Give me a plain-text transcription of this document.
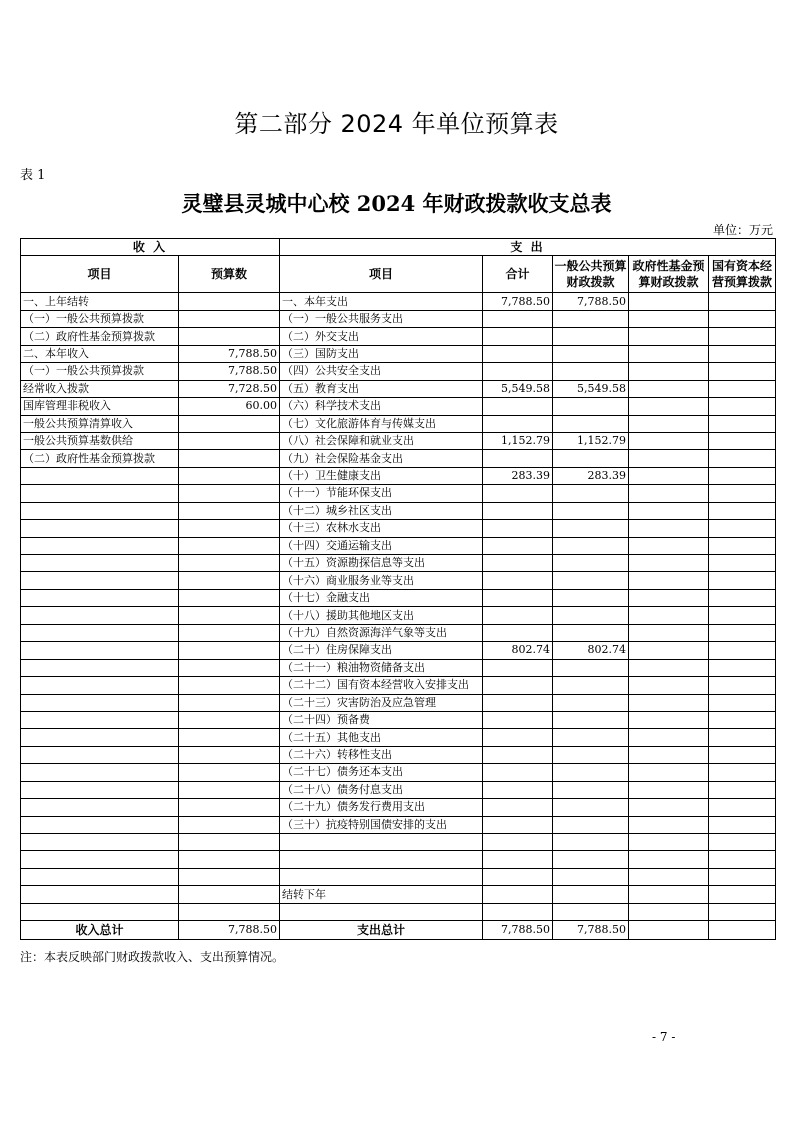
第二部分 2024 年单位预算表
表 1
灵璧县灵城中心校 2024 年财政拨款收支总表
单位：万元
收 入		支 出				
项目	预算数	项目	合计	一般公共预算财政拨款	政府性基金预算财政拨款	国有资本经营预算拨款
一、上年结转		一、本年支出	7,788.50	7,788.50		
（一）一般公共预算拨款		（一）一般公共服务支出				
（二）政府性基金预算拨款		（二）外交支出				
二、本年收入	7,788.50	（三）国防支出				
（一）一般公共预算拨款	7,788.50	（四）公共安全支出				
经常收入拨款	7,728.50	（五）教育支出	5,549.58	5,549.58		
国库管理非税收入	60.00	（六）科学技术支出				
一般公共预算清算收入		（七）文化旅游体育与传媒支出				
一般公共预算基数供给		（八）社会保障和就业支出	1,152.79	1,152.79		
（二）政府性基金预算拨款		（九）社会保险基金支出				
		（十）卫生健康支出	283.39	283.39		
		（十一）节能环保支出				
		（十二）城乡社区支出				
		（十三）农林水支出				
		（十四）交通运输支出				
		（十五）资源勘探信息等支出				
		（十六）商业服务业等支出				
		（十七）金融支出				
		（十八）援助其他地区支出				
		（十九）自然资源海洋气象等支出				
		（二十）住房保障支出	802.74	802.74		
		（二十一）粮油物资储备支出				
		（二十二）国有资本经营收入安排支出				
		（二十三）灾害防治及应急管理				
		（二十四）预备费				
		（二十五）其他支出				
		（二十六）转移性支出				
		（二十七）债务还本支出				
		（二十八）债务付息支出				
		（二十九）债务发行费用支出				
		（三十）抗疫特别国债安排的支出				

		结转下年				

收入总计	7,788.50	支出总计	7,788.50	7,788.50		
注：本表反映部门财政拨款收入、支出预算情况。
- 7 -
